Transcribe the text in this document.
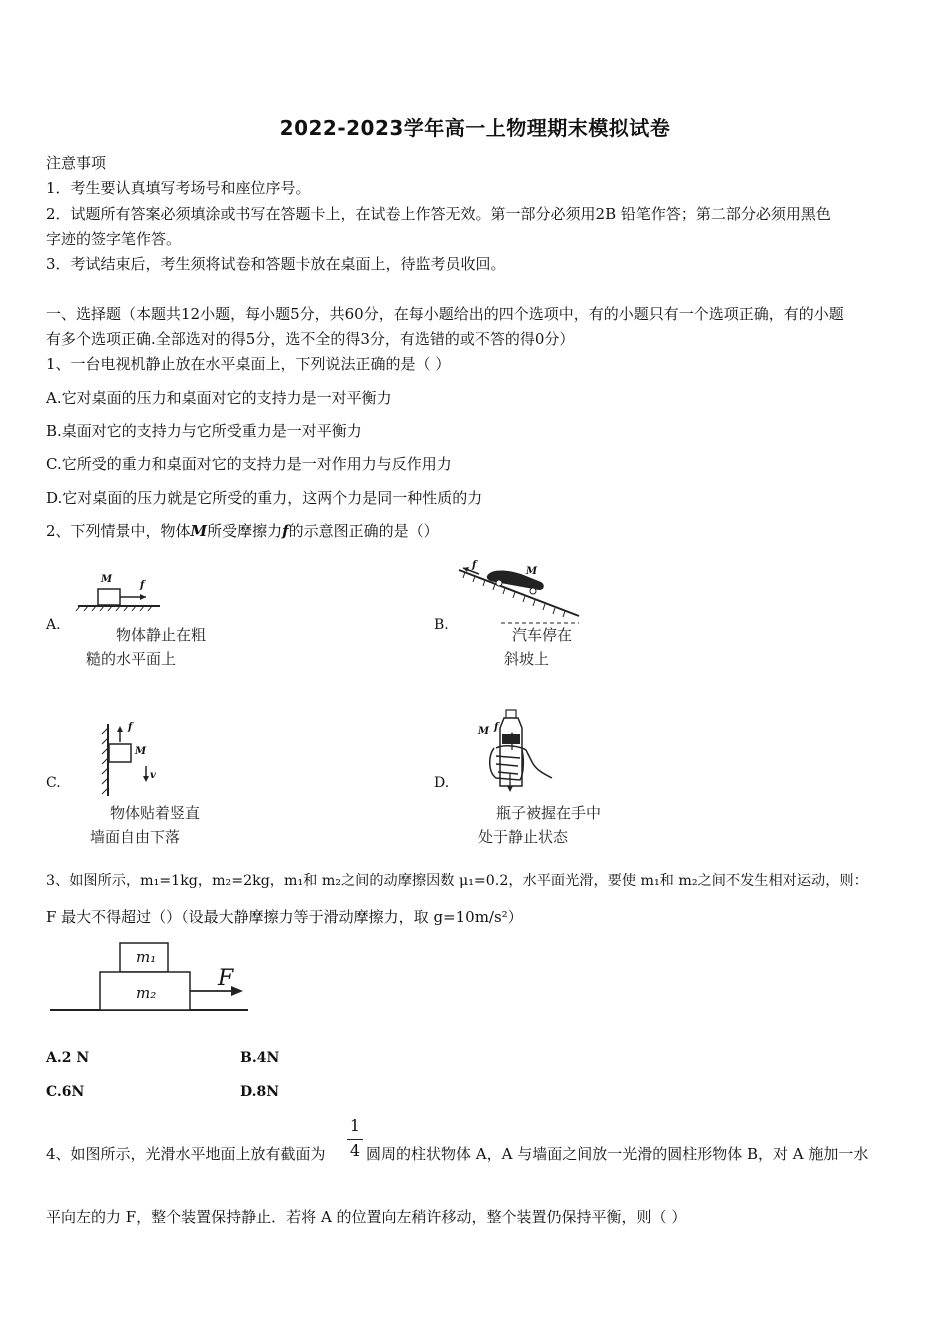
2022-2023学年高一上物理期末模拟试卷
注意事项
1．考生要认真填写考场号和座位序号。
2．试题所有答案必须填涂或书写在答题卡上，在试卷上作答无效。第一部分必须用2B 铅笔作答；第二部分必须用黑色
字迹的签字笔作答。
3．考试结束后，考生须将试卷和答题卡放在桌面上，待监考员收回。
一、选择题（本题共12小题，每小题5分，共60分，在每小题给出的四个选项中，有的小题只有一个选项正确，有的小题
有多个选项正确.全部选对的得5分，选不全的得3分，有选错的或不答的得0分）
1、一台电视机静止放在水平桌面上，下列说法正确的是（ ）
A.它对桌面的压力和桌面对它的支持力是一对平衡力
B.桌面对它的支持力与它所受重力是一对平衡力
C.它所受的重力和桌面对它的支持力是一对作用力与反作用力
D.它对桌面的压力就是它所受的重力，这两个力是同一种性质的力
2、下列情景中，物体M所受摩擦力f的示意图正确的是（）
A.
M
f
物体静止在粗
糙的水平面上
B.
f
M
汽车停在
斜坡上
C.
f
M
v
物体贴着竖直
墙面自由下落
D.
M f
瓶子被握在手中
处于静止状态
3、如图所示，m₁=1kg，m₂=2kg，m₁和 m₂之间的动摩擦因数 μ₁=0.2，水平面光滑，要使 m₁和 m₂之间不发生相对运动，则：
F 最大不得超过（）（设最大静摩擦力等于滑动摩擦力，取 g=10m/s²）
m₁
m₂
F
A.2 N	B.4N
C.6N	D.8N
4、如图所示，光滑水平地面上放有截面为
1
4 圆周的柱状物体 A，A 与墙面之间放一光滑的圆柱形物体 B，对 A 施加一水
平向左的力 F，整个装置保持静止．若将 A 的位置向左稍许移动，整个装置仍保持平衡，则（ ）
